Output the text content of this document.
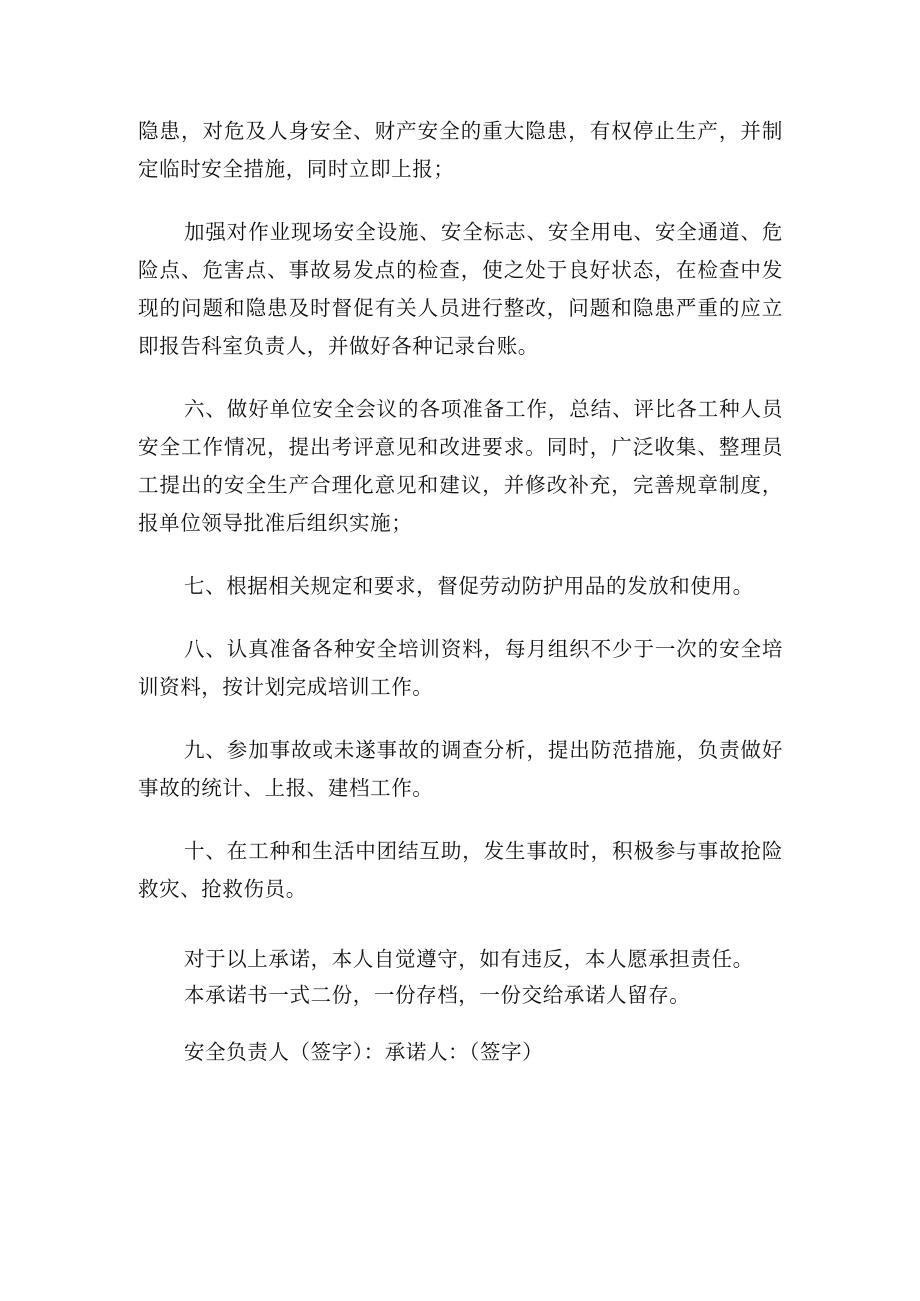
隐患，对危及人身安全、财产安全的重大隐患，有权停止生产，并制定临时安全措施，同时立即上报；

加强对作业现场安全设施、安全标志、安全用电、安全通道、危险点、危害点、事故易发点的检查，使之处于良好状态，在检查中发现的问题和隐患及时督促有关人员进行整改，问题和隐患严重的应立即报告科室负责人，并做好各种记录台账。

六、做好单位安全会议的各项准备工作，总结、评比各工种人员安全工作情况，提出考评意见和改进要求。同时，广泛收集、整理员工提出的安全生产合理化意见和建议，并修改补充，完善规章制度，报单位领导批准后组织实施；

七、根据相关规定和要求，督促劳动防护用品的发放和使用。

八、认真准备各种安全培训资料，每月组织不少于一次的安全培训资料，按计划完成培训工作。

九、参加事故或未遂事故的调查分析，提出防范措施，负责做好事故的统计、上报、建档工作。

十、在工种和生活中团结互助，发生事故时，积极参与事故抢险救灾、抢救伤员。

对于以上承诺，本人自觉遵守，如有违反，本人愿承担责任。

本承诺书一式二份，一份存档，一份交给承诺人留存。

安全负责人（签字）：承诺人：（签字）
